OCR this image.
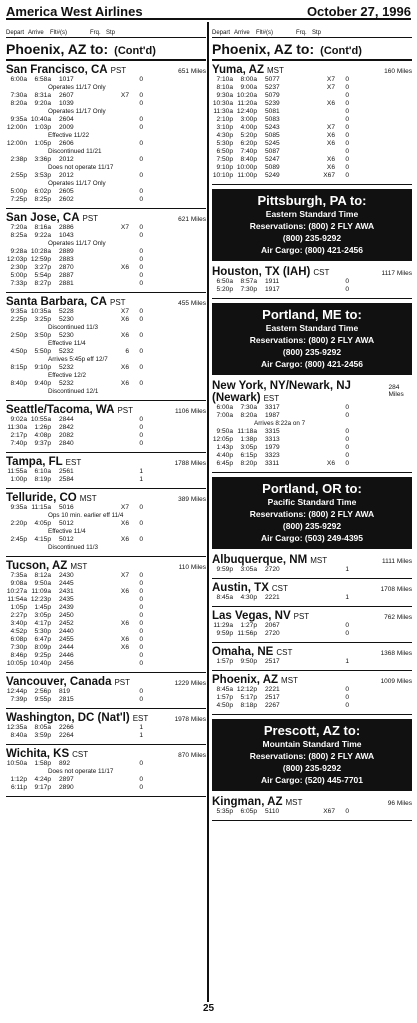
America West Airlines	October 27, 1996
Depart Arrive	Flt#(s)	Frq. Stp
Phoenix, AZ to: (Cont'd)
San Francisco, CA PST	651 Miles
6:00a	6:58a	1017	0
Operates 11/17 Only
7:30a	8:31a	2607	X7	0
8:20a	9:20a	1039	0
Operates 11/17 Only
9:35a 10:40a	2604	0
12:00n	1:03p	2009	0
Effective 11/22
12:00n	1:05p	2606	0
Discontinued 11/21
2:38p	3:36p	2012	0
Does not operate 11/17
2:55p	3:53p	2012	0
Operates 11/17 Only
5:00p	6:02p	2605	0
7:25p	8:25p	2602	0
San Jose, CA PST	621 Miles
7:20a	8:16a	2886	X7	0
8:25a	9:22a	1043	0
Operates 11/17 Only
9:28a 10:28a	2889	0
12:03p 12:59p	2883	0
2:30p	3:27p	2870	X6	0
5:00p	5:54p	2887	0
7:33p	8:27p	2881	0
Santa Barbara, CA PST	455 Miles
9:35a 10:35a	5228	X7	0
2:25p	3:25p	5230	X6	0
Discontinued 11/3
2:50p	3:50p	5230	X6	0
Effective 11/4
4:50p	5:50p	5232	6	0
Arrives 5:45p eff 12/7
8:15p	9:10p	5232	X6	0
Effective 12/2
8:40p	9:40p	5232	X6	0
Discontinued 12/1
Seattle/Tacoma, WA PST	1106 Miles
9:02a 10:55a	2844	0
11:30a	1:26p	2842	0
2:17p	4:08p	2082	0
7:40p	9:37p	2840	0
Tampa, FL EST	1788 Miles
11:55a	6:10a	2561	1
1:00p	8:19p	2584	1
Telluride, CO MST	389 Miles
9:35a 11:15a	5016	X7	0
Ops 10 min. earlier eff 11/4
2:20p	4:05p	5012	X6	0
Effective 11/4
2:45p	4:15p	5012	X6	0
Discontinued 11/3
Tucson, AZ MST	110 Miles
7:35a	8:12a	2430	X7	0
9:08a	9:50a	2445	0
10:27a 11:09a	2431	X6	0
11:54a 12:23p	2435	0
1:05p	1:45p	2439	0
2:27p	3:05p	2450	0
3:40p	4:17p	2452	X6	0
4:52p	5:30p	2440	0
6:08p	6:47p	2455	X6	0
7:30p	8:09p	2444	X6	0
8:46p	9:25p	2446	0
10:05p 10:40p	2456	0
Vancouver, Canada PST	1229 Miles
12:44p	2:56p	819	0
7:39p	9:55p	2815	0
Washington, DC (Nat'l) EST	1978 Miles
12:35a	8:05a	2266	1
8:40a	3:59p	2264	1
Wichita, KS CST	870 Miles
10:50a	1:58p	892	0
Does not operate 11/17
1:12p	4:24p	2897	0
6:11p	9:17p	2890	0
Depart Arrive	Flt#(s)	Frq. Stp
Phoenix, AZ to: (Cont'd)
Yuma, AZ MST	160 Miles
7:10a	8:00a	5077	X7	0
8:10a	9:00a	5237	X7	0
9:30a 10:20a	5079	0
10:30a 11:20a	5239	X6	0
11:30a 12:40p	5081	0
2:10p	3:00p	5083	0
3:10p	4:00p	5243	X7	0
4:30p	5:20p	5085	X6	0
5:30p	6:20p	5245	X6	0
6:50p	7:40p	5087	0
7:50p	8:40p	5247	X6	0
9:10p 10:00p	5089	X6	0
10:10p 11:00p	5249	X67	0
Pittsburgh, PA to:
Eastern Standard Time
Reservations: (800) 2 FLY AWA
(800) 235-9292
Air Cargo: (800) 421-2456
Houston, TX (IAH) CST	1117 Miles
6:50a	8:57a	1911	0
5:20p	7:30p	1917	0
Portland, ME to:
Eastern Standard Time
Reservations: (800) 2 FLY AWA
(800) 235-9292
Air Cargo: (800) 421-2456
New York, NY/Newark, NJ (Newark) EST
284 Miles
6:00a	7:30a	3317	0
7:00a	8:20a	1987	0
Arrives 8:22a on 7
9:50a 11:18a	3315	0
12:05p	1:38p	3313	0
1:43p	3:05p	1979	0
4:40p	6:15p	3323	0
6:45p	8:20p	3311	X6	0
Portland, OR to:
Pacific Standard Time
Reservations: (800) 2 FLY AWA
(800) 235-9292
Air Cargo: (503) 249-4395
Albuquerque, NM MST	1111 Miles
9:59p	3:05a	2720	1
Austin, TX CST	1708 Miles
8:45a	4:30p	2221	1
Las Vegas, NV PST	762 Miles
11:29a	1:27p	2067	0
9:59p 11:56p	2720	0
Omaha, NE CST	1368 Miles
1:57p	9:50p	2517	1
Phoenix, AZ MST	1009 Miles
8:45a 12:12p	2221	0
1:57p	5:17p	2517	0
4:50p	8:18p	2267	0
Prescott, AZ to:
Mountain Standard Time
Reservations: (800) 2 FLY AWA
(800) 235-9292
Air Cargo: (520) 445-7701
Kingman, AZ MST	96 Miles
5:35p	6:05p	5110	X67	0
25
